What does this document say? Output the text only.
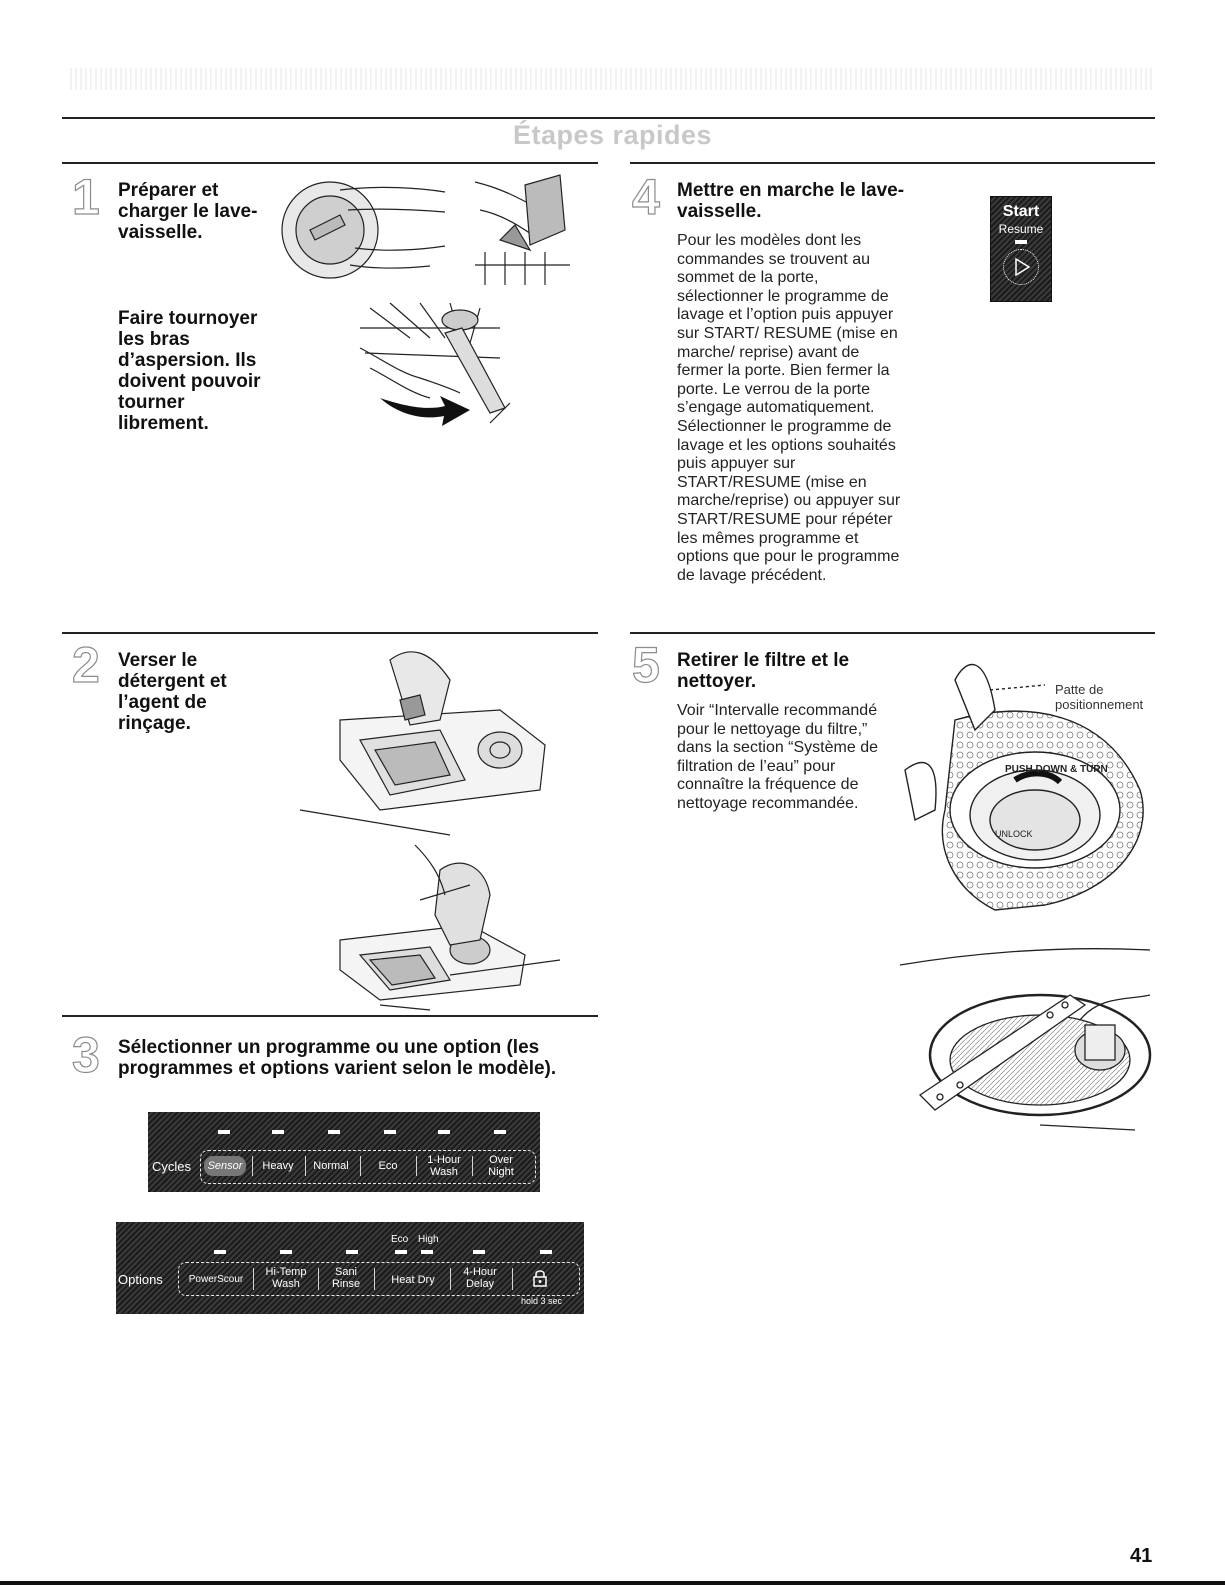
Étapes rapides
1 Préparer et charger le lave-vaisselle.
Faire tournoyer les bras d’aspersion. Ils doivent pouvoir tourner librement.
4 Mettre en marche le lave-vaisselle.
Pour les modèles dont les commandes se trouvent au sommet de la porte, sélectionner le programme de lavage et l’option puis appuyer sur START/ RESUME (mise en marche/ reprise) avant de fermer la porte. Bien fermer la porte. Le verrou de la porte s’engage automatiquement. Sélectionner le programme de lavage et les options souhaités puis appuyer sur START/RESUME (mise en marche/reprise) ou appuyer sur START/RESUME pour répéter les mêmes programme et options que pour le programme de lavage précédent.
Start
Resume
2 Verser le détergent et l’agent de rinçage.
5 Retirer le filtre et le nettoyer.
Voir “Intervalle recommandé pour le nettoyage du filtre,” dans la section “Système de filtration de l’eau” pour connaître la fréquence de nettoyage recommandée.
Patte de positionnement
PUSH DOWN & TURN
UNLOCK
3 Sélectionner un programme ou une option (les programmes et options varient selon le modèle).
Cycles	Sensor	Heavy	Normal	Eco	1-Hour Wash
Over Night
Eco High
Options	PowerScour
Hi-Temp Wash
Sani Rinse	Heat Dry
4-Hour Delay
hold 3 sec
41
